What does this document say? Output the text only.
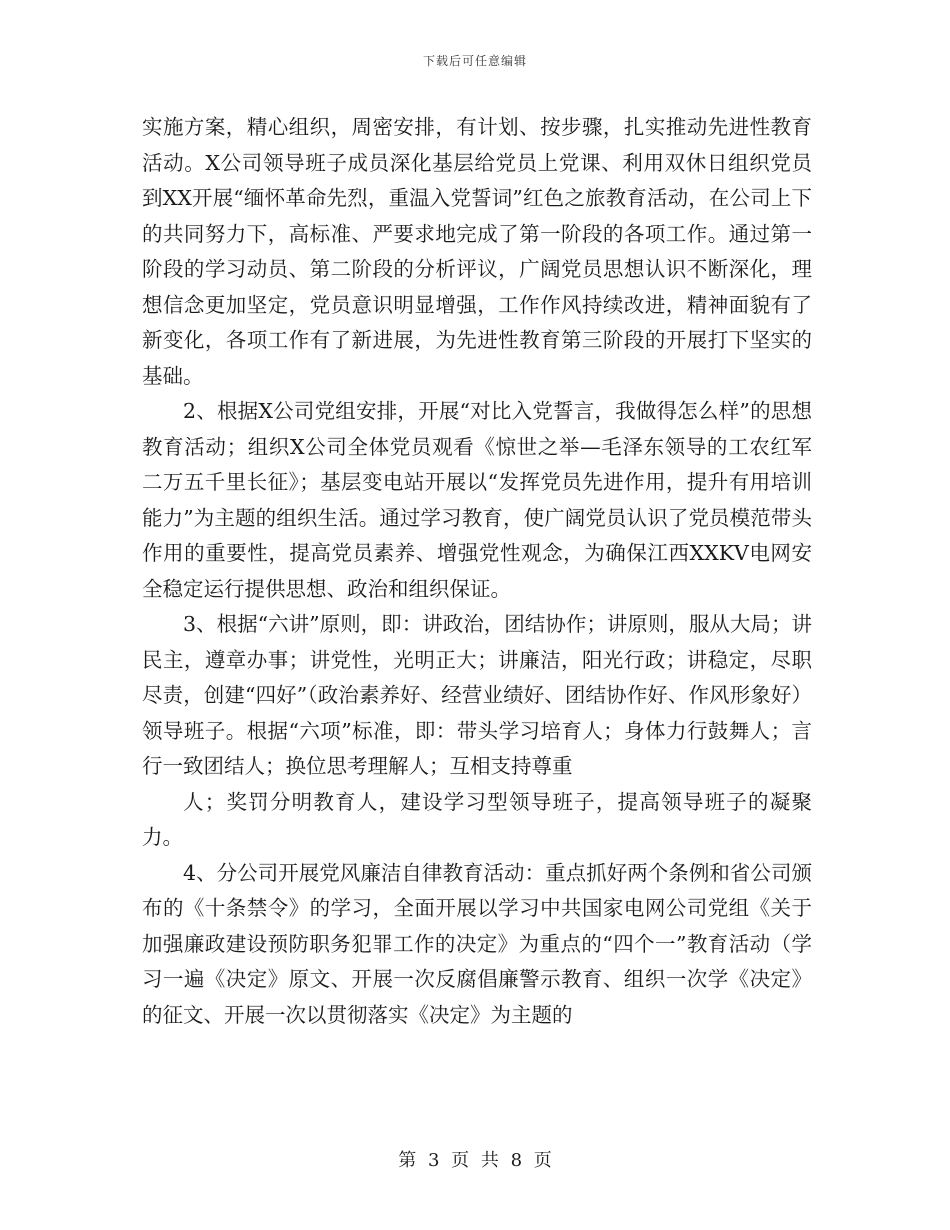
下载后可任意编辑

实施方案，精心组织，周密安排，有计划、按步骤，扎实推动先进性教育活动。X公司领导班子成员深化基层给党员上党课、利用双休日组织党员到XX开展“缅怀革命先烈，重温入党誓词”红色之旅教育活动，在公司上下的共同努力下，高标准、严要求地完成了第一阶段的各项工作。通过第一阶段的学习动员、第二阶段的分析评议，广阔党员思想认识不断深化，理想信念更加坚定，党员意识明显增强，工作作风持续改进，精神面貌有了新变化，各项工作有了新进展，为先进性教育第三阶段的开展打下坚实的基础。

2、根据X公司党组安排，开展“对比入党誓言，我做得怎么样”的思想教育活动；组织X公司全体党员观看《惊世之举—毛泽东领导的工农红军二万五千里长征》；基层变电站开展以“发挥党员先进作用，提升有用培训能力”为主题的组织生活。通过学习教育，使广阔党员认识了党员模范带头作用的重要性，提高党员素养、增强党性观念，为确保江西XXKV电网安全稳定运行提供思想、政治和组织保证。

3、根据“六讲”原则，即：讲政治，团结协作；讲原则，服从大局；讲民主，遵章办事；讲党性，光明正大；讲廉洁，阳光行政；讲稳定，尽职尽责，创建“四好”（政治素养好、经营业绩好、团结协作好、作风形象好）领导班子。根据“六项”标准，即：带头学习培育人；身体力行鼓舞人；言行一致团结人；换位思考理解人；互相支持尊重

人；奖罚分明教育人，建设学习型领导班子，提高领导班子的凝聚力。

4、分公司开展党风廉洁自律教育活动：重点抓好两个条例和省公司颁布的《十条禁令》的学习，全面开展以学习中共国家电网公司党组《关于加强廉政建设预防职务犯罪工作的决定》为重点的“四个一”教育活动（学习一遍《决定》原文、开展一次反腐倡廉警示教育、组织一次学《决定》的征文、开展一次以贯彻落实《决定》为主题的

第 3 页 共 8 页
